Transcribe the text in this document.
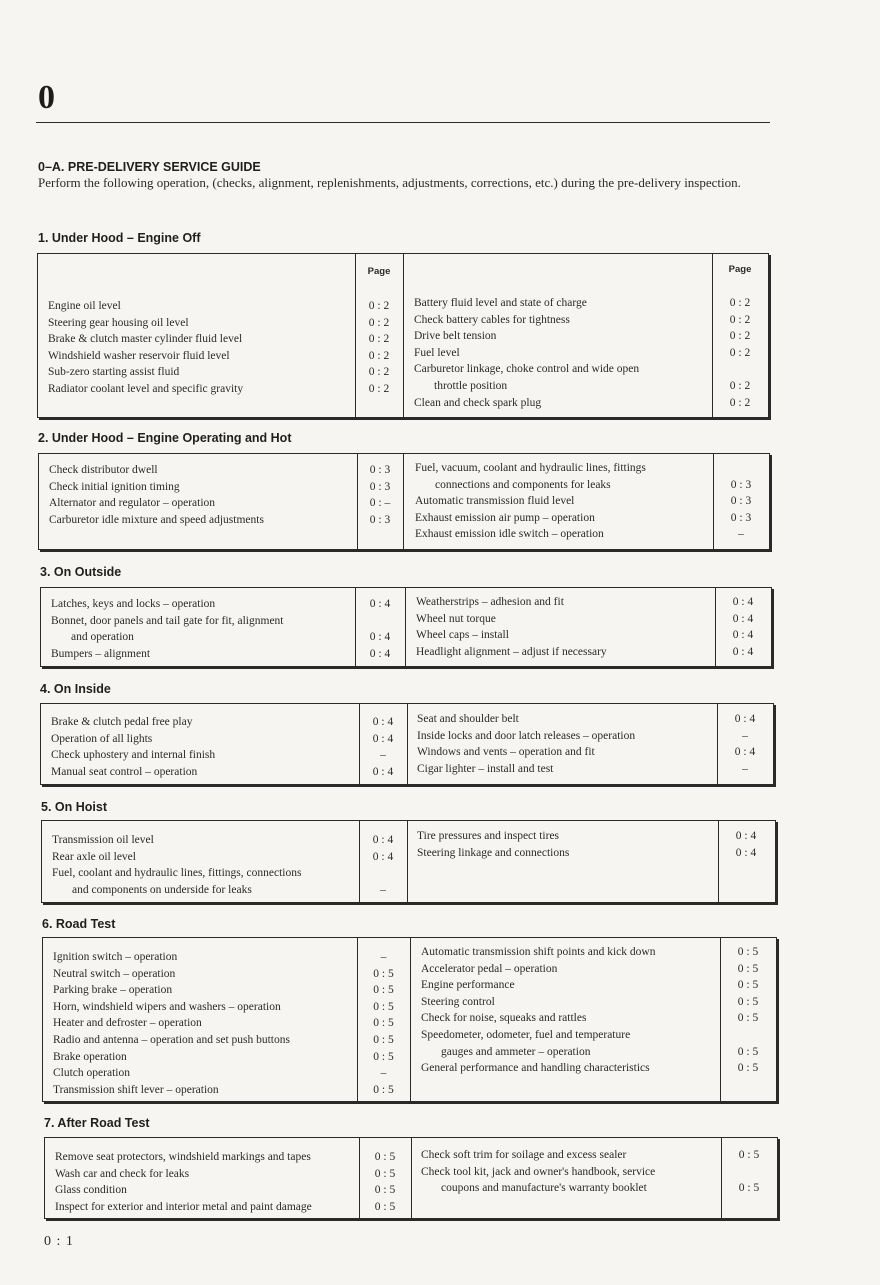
0
0–A. PRE-DELIVERY SERVICE GUIDE
Perform the following operation, (checks, alignment, replenishments, adjustments, corrections, etc.) during the pre-delivery inspection.
1. Under Hood – Engine Off
Page	Page
Engine oil level
Steering gear housing oil level
Brake & clutch master cylinder fluid level
Windshield washer reservoir fluid level
Sub-zero starting assist fluid
Radiator coolant level and specific gravity
0 : 2
0 : 2
0 : 2
0 : 2
0 : 2
0 : 2
Battery fluid level and state of charge
Check battery cables for tightness
Drive belt tension
Fuel level
Carburetor linkage, choke control and wide open
throttle position
Clean and check spark plug
0 : 2
0 : 2
0 : 2
0 : 2
0 : 2
0 : 2
2. Under Hood – Engine Operating and Hot
Check distributor dwell
Check initial ignition timing
Alternator and regulator – operation
Carburetor idle mixture and speed adjustments
0 : 3
0 : 3
0 : –
0 : 3
Fuel, vacuum, coolant and hydraulic lines, fittings
connections and components for leaks
Automatic transmission fluid level
Exhaust emission air pump – operation
Exhaust emission idle switch – operation
0 : 3
0 : 3
0 : 3
–
3. On Outside
Latches, keys and locks – operation
Bonnet, door panels and tail gate for fit, alignment
and operation
Bumpers – alignment
0 : 4
0 : 4
0 : 4
Weatherstrips – adhesion and fit
Wheel nut torque
Wheel caps – install
Headlight alignment – adjust if necessary
0 : 4
0 : 4
0 : 4
0 : 4
4. On Inside
Brake & clutch pedal free play
Operation of all lights
Check uphostery and internal finish
Manual seat control – operation
0 : 4
0 : 4
–
0 : 4
Seat and shoulder belt
Inside locks and door latch releases – operation
Windows and vents – operation and fit
Cigar lighter – install and test
0 : 4
–
0 : 4
–
5. On Hoist
Transmission oil level
Rear axle oil level
Fuel, coolant and hydraulic lines, fittings, connections
and components on underside for leaks
0 : 4
0 : 4
–
Tire pressures and inspect tires
Steering linkage and connections
0 : 4
0 : 4
6. Road Test
Ignition switch – operation
Neutral switch – operation
Parking brake – operation
Horn, windshield wipers and washers – operation
Heater and defroster – operation
Radio and antenna – operation and set push buttons
Brake operation
Clutch operation
Transmission shift lever – operation
–
0 : 5
0 : 5
0 : 5
0 : 5
0 : 5
0 : 5
–
0 : 5
Automatic transmission shift points and kick down
Accelerator pedal – operation
Engine performance
Steering control
Check for noise, squeaks and rattles
Speedometer, odometer, fuel and temperature
gauges and ammeter – operation
General performance and handling characteristics
0 : 5
0 : 5
0 : 5
0 : 5
0 : 5
0 : 5
0 : 5
7. After Road Test
Remove seat protectors, windshield markings and tapes
Wash car and check for leaks
Glass condition
Inspect for exterior and interior metal and paint damage
0 : 5
0 : 5
0 : 5
0 : 5
Check soft trim for soilage and excess sealer
Check tool kit, jack and owner's handbook, service
coupons and manufacture's warranty booklet
0 : 5
0 : 5
0 : 1
